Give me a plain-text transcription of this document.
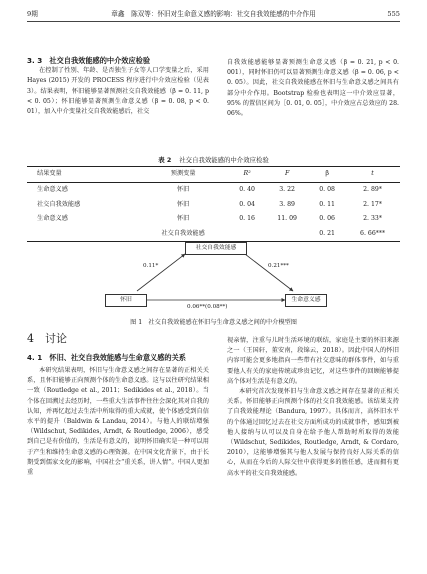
9期	章鑫　陈双等：怀旧对生命意义感的影响：社交自我效能感的中介作用	555
3. 3　社交自我效能感的中介效应检验

在控制了性别、年龄、是否独生子女等人口学变量之后，采用 Hayes (2015) 开发的 PROCESS 程序进行中介效应检验（见表 3）。结果表明，怀旧能够显著预测社交自我效能感（β = 0. 11, p < 0. 05）；怀旧能够显著预测生命意义感（β = 0. 08, p < 0. 01），加入中介变量社交自我效能感后，社交

自我效能感能够显著预测生命意义感（β = 0. 21, p < 0. 001），同时怀旧仍可以显著预测生命意义感（β = 0. 06, p < 0. 05）。因此，社交自我效能感在怀旧与生命意义感之间具有部分中介作用。Bootstrap 检验也表明这一中介效应显著，95% 的置信区间为［0. 01, 0. 05］，中介效应占总效应的 28. 06%。

表 2 社交自我效能感的中介效应检验
结果变量	预测变量	R²	F	β	t
生命意义感	怀旧	0. 40	3. 22	0. 08	2. 89*
社交自我效能感	怀旧	0. 04	3. 89	0. 11	2. 17*
生命意义感	怀旧	0. 16	11. 09	0. 06	2. 33*
	社交自我效能感			0. 21	6. 66***
社交自我效能感
怀旧	生命意义感
0.11*	0.21***
0.06**(0.08**)
图 1　社交自我效能感在怀旧与生命意义感之间的中介模型图
4　讨论
4. 1　怀旧、社交自我效能感与生命意义感的关系

本研究结果表明，怀旧与生命意义感之间存在显著的正相关关系，且怀旧能够正向预测个体的生命意义感。这与以往研究结果相一致（Routledge et al., 2011；Sedikides et al., 2018）。当个体在回溯过去经历时，一些重大生活事件往往会深化其对自我的认知，并再忆起过去生活中所取得的重大成就，使个体感受到自信水平的提升（Baldwin & Landau, 2014）。与他人的联结增强（Wildschut, Sedikides, Arndt, & Routledge, 2006），感受到自己是有价值的，生活是有意义的，说明怀旧确实是一种可以用于产生和维持生命意义感的心理资源。在中国文化背景下，由于长期受到儒家文化的影响，中国社会“重关系，讲人情”。中国人更加重

视亲情，注重与儿时生活环境的联结，家庭是主要的怀旧来源之一（王国轩，董安南，段锦云，2018）。因此中国人的怀旧内容可能会更多地指向一些带有社交意味的群体事件，如与重要他人有关的家庭传统或珍贵记忆，对这些事件的回顾能够提高个体对生活是有意义的。

本研究首次发现怀旧与生命意义感之间存在显著的正相关关系。怀旧能够正向预测个体的社交自我效能感。该结果支持了自我效能理论（Bandura, 1997）。具体而言，高怀旧水平的个体通过回忆过去在社交方面所成功的成就事件，感知到被他人接纳与认可以及自身在给予他人帮助时所取得的效能（Wildschut, Sedikides, Routledge, Arndt, & Cordaro, 2010），这能够增强其与他人发展与保持良好人际关系的信心，从而在今后的人际交往中获得更多的胜任感，进而拥有更高水平的社交自我效能感。
